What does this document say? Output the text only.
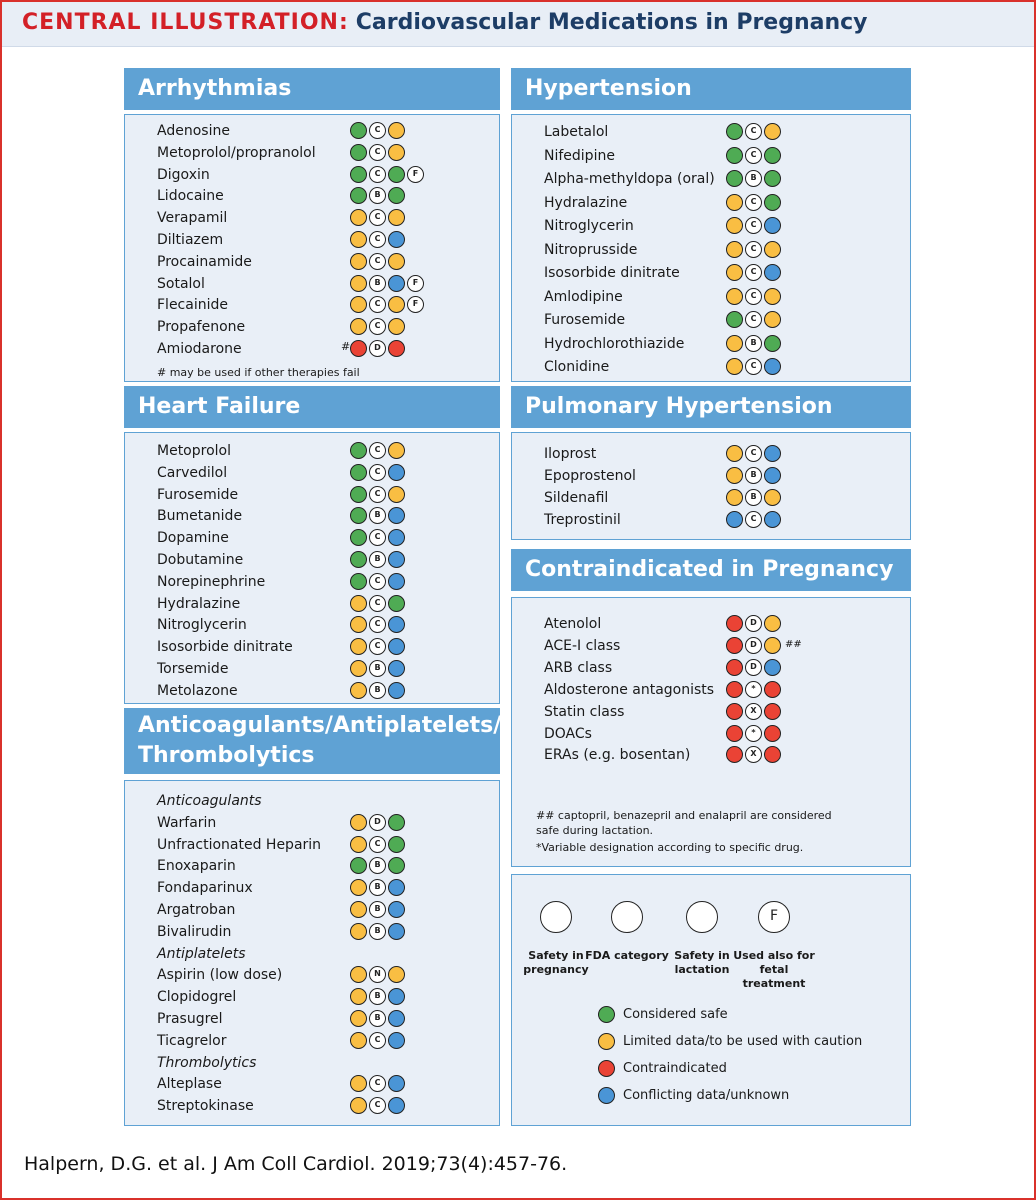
CENTRAL ILLUSTRATION: Cardiovascular Medications in Pregnancy
Arrhythmias
Adenosine	C
Metoprolol/propranolol	C
Digoxin	C	F
Lidocaine	B
Verapamil	C
Diltiazem	C
Procainamide	C
Sotalol	B	F
Flecainide	C	F
Propafenone	C
Amiodarone	#	D
# may be used if other therapies fail
Heart Failure
Metoprolol	C
Carvedilol	C
Furosemide	C
Bumetanide	B
Dopamine	C
Dobutamine	B
Norepinephrine	C
Hydralazine	C
Nitroglycerin	C
Isosorbide dinitrate	C
Torsemide	B
Metolazone	B
Anticoagulants/Antiplatelets/
Thrombolytics
Anticoagulants
Warfarin	D
Unfractionated Heparin	C
Enoxaparin	B
Fondaparinux	B
Argatroban	B
Bivalirudin	B
Antiplatelets
Aspirin (low dose)	N
Clopidogrel	B
Prasugrel	B
Ticagrelor	C
Thrombolytics
Alteplase	C
Streptokinase	C
Hypertension
Labetalol	C
Nifedipine	C
Alpha-methyldopa (oral)	B
Hydralazine	C
Nitroglycerin	C
Nitroprusside	C
Isosorbide dinitrate	C
Amlodipine	C
Furosemide	C
Hydrochlorothiazide	B
Clonidine	C
Pulmonary Hypertension
Iloprost	C
Epoprostenol	B
Sildenafil	B
Treprostinil	C
Contraindicated in Pregnancy
Atenolol	D
ACE-I class	D	##
ARB class	D
Aldosterone antagonists	*
Statin class	X
DOACs	*
ERAs (e.g. bosentan)	X
## captopril, benazepril and enalapril are considered safe during lactation.
*Variable designation according to specific drug.
Safety in pregnancy
FDA category Safety in lactation
F
Used also for fetal treatment
Considered safe
Limited data/to be used with caution
Contraindicated
Conflicting data/unknown
Halpern, D.G. et al. J Am Coll Cardiol. 2019;73(4):457-76.
